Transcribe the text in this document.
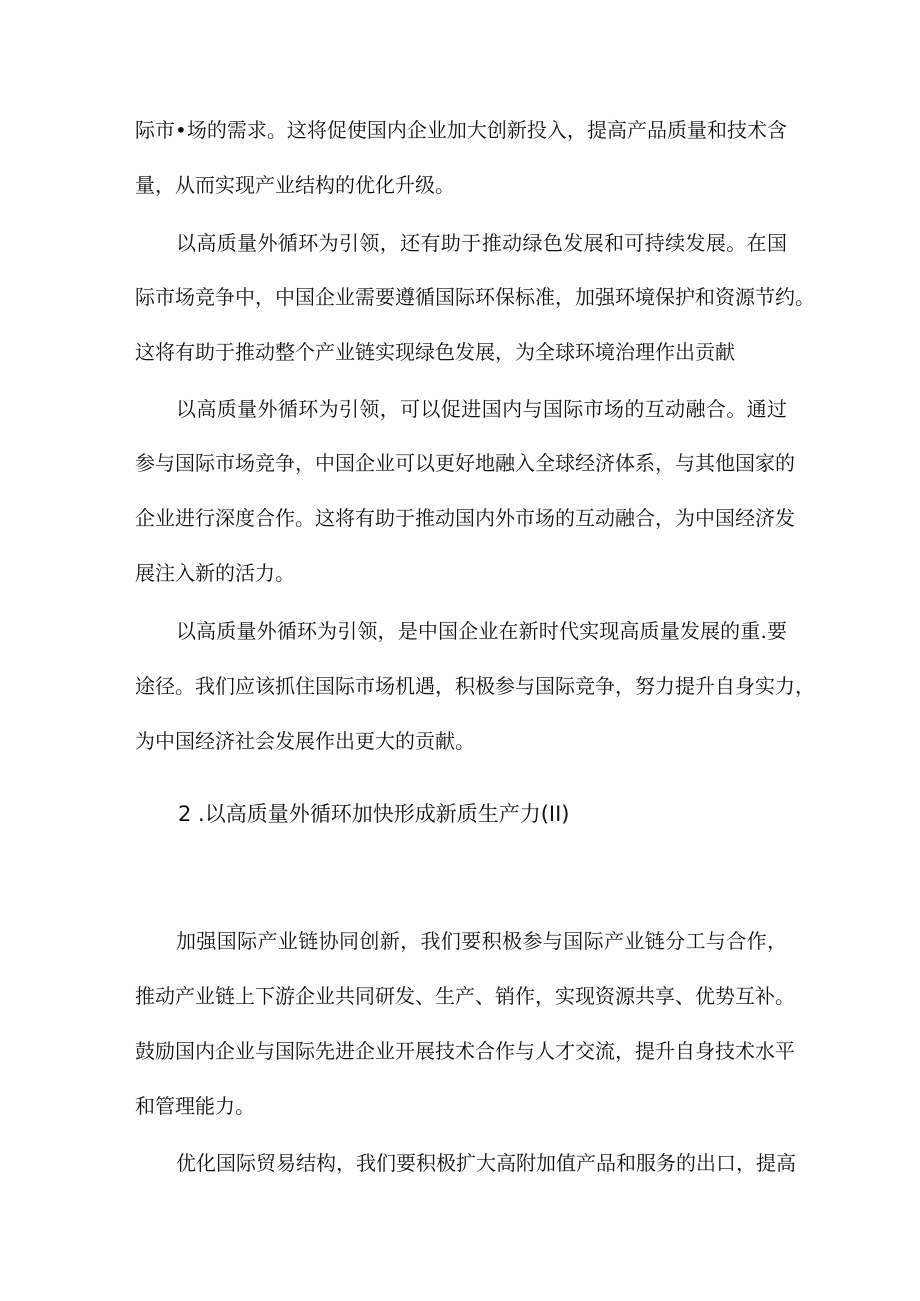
际市•场的需求。这将促使国内企业加大创新投入，提高产品质量和技术含
量，从而实现产业结构的优化升级。
以高质量外循环为引领，还有助于推动绿色发展和可持续发展。在国
际市场竞争中，中国企业需要遵循国际环保标准，加强环境保护和资源节约。
这将有助于推动整个产业链实现绿色发展，为全球环境治理作出贡献
以高质量外循环为引领，可以促进国内与国际市场的互动融合。通过
参与国际市场竞争，中国企业可以更好地融入全球经济体系，与其他国家的
企业进行深度合作。这将有助于推动国内外市场的互动融合，为中国经济发
展注入新的活力。
以高质量外循环为引领，是中国企业在新时代实现高质量发展的重.要
途径。我们应该抓住国际市场机遇，积极参与国际竞争，努力提升自身实力，
为中国经济社会发展作出更大的贡献。
2 .以高质量外循环加快形成新质生产力(II)
加强国际产业链协同创新，我们要积极参与国际产业链分工与合作，
推动产业链上下游企业共同研发、生产、销作，实现资源共享、优势互补。
鼓励国内企业与国际先进企业开展技术合作与人才交流，提升自身技术水平
和管理能力。
优化国际贸易结构，我们要积极扩大高附加值产品和服务的出口，提高
